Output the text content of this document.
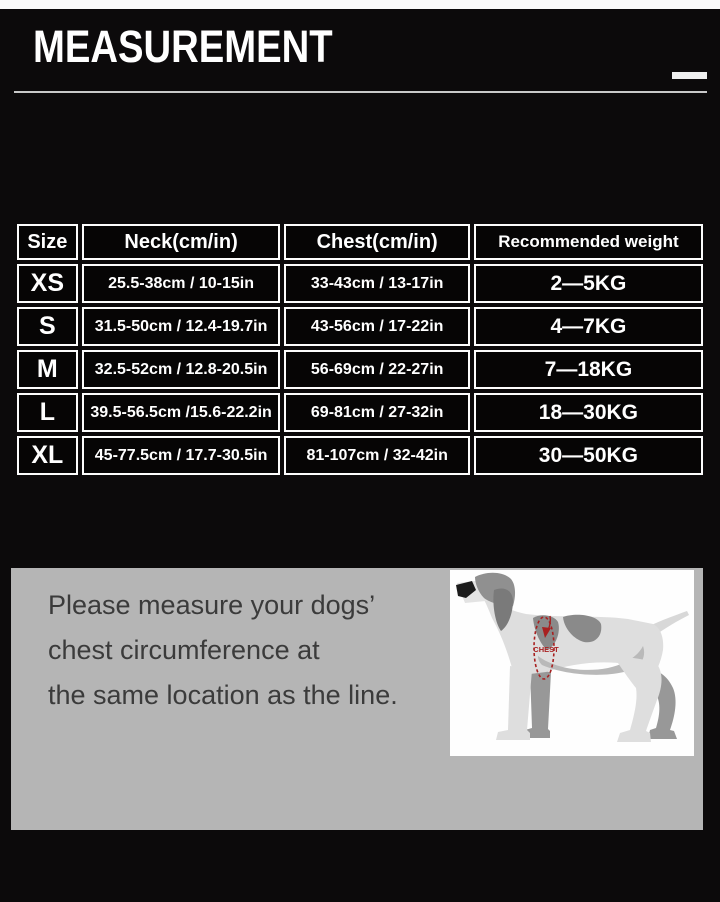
MEASUREMENT
Size	Neck(cm/in)	Chest(cm/in)	Recommended weight
XS	25.5-38cm / 10-15in	33-43cm / 13-17in	2—5KG
S	31.5-50cm / 12.4-19.7in	43-56cm / 17-22in	4—7KG
M	32.5-52cm / 12.8-20.5in	56-69cm / 22-27in	7—18KG
L	39.5-56.5cm /15.6-22.2in	69-81cm / 27-32in	18—30KG
XL	45-77.5cm / 17.7-30.5in	81-107cm / 32-42in	30—50KG
Please measure your dogs’
chest circumference at
the same location as the line.
CHEST
